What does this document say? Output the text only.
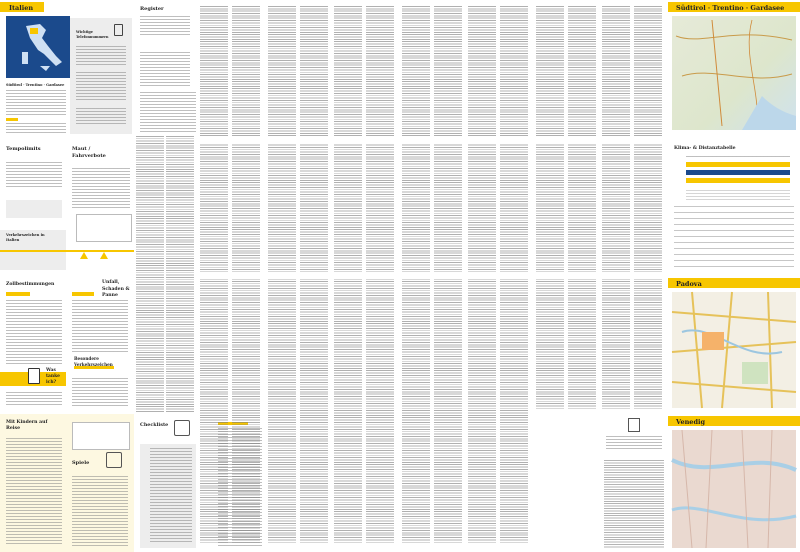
Italien
Wichtige Telefonnummern
Südtirol · Trentino · Gardasee
Tempolimits
Verkehrszeichen in Italien
Maut / Fahrverbote
Zollbestimmungen	Unfall, Schaden & Panne
Besondere Verkehrszeichen
Was tanke ich?
Mit Kindern auf Reise
Spiele
Checkliste
Register	Südtirol · Trentino · Gardasee
Klima- & Distanztabelle
Padova
Venedig
